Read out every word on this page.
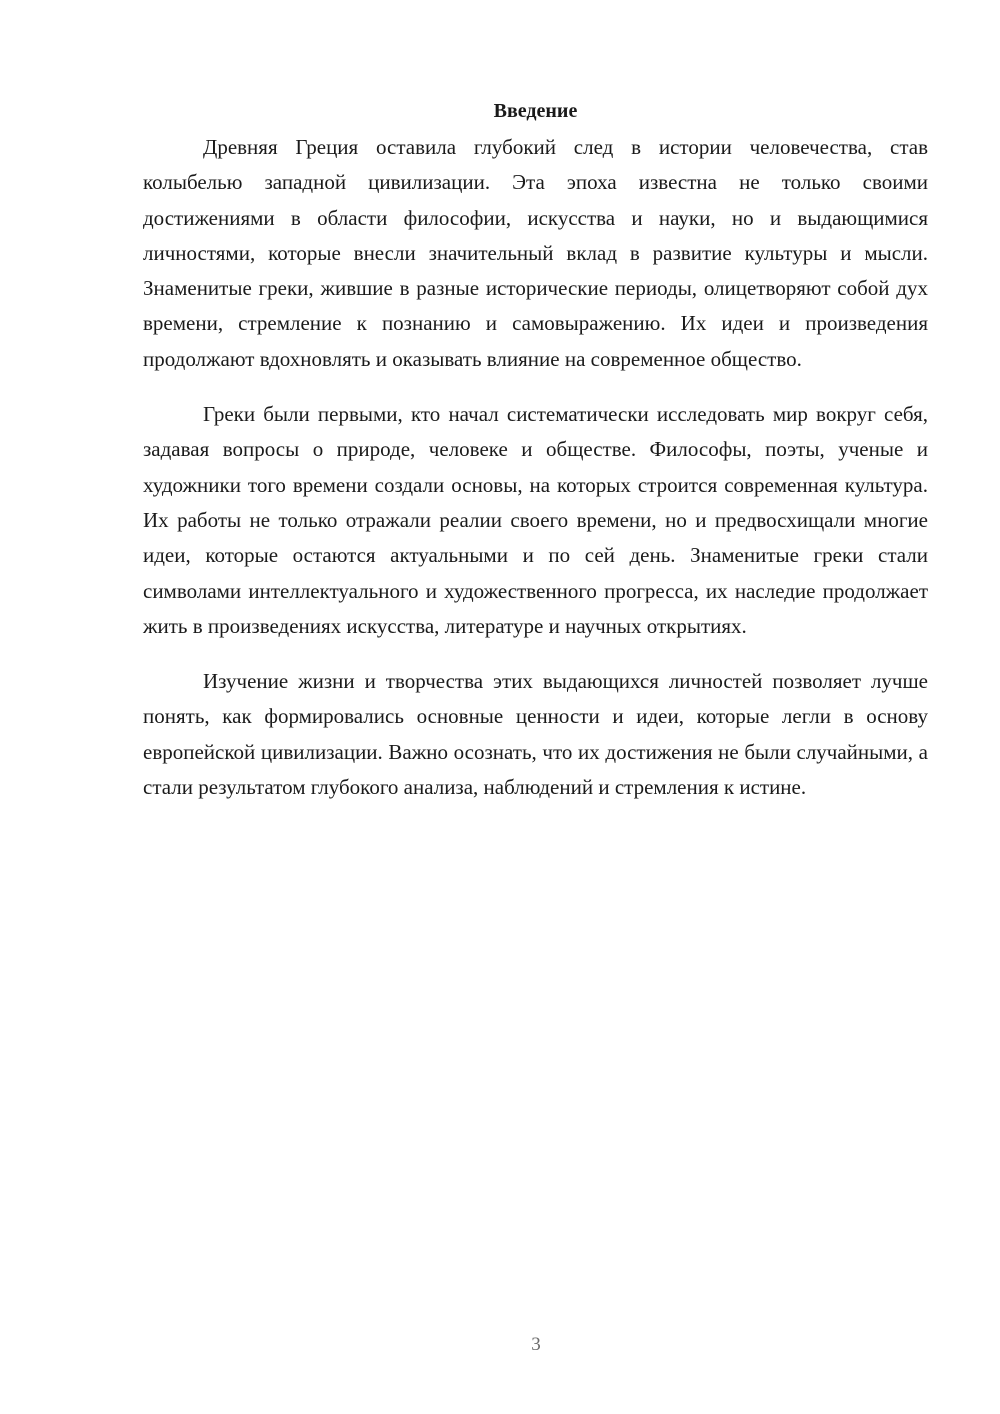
Введение

Древняя Греция оставила глубокий след в истории человечества, став колыбелью западной цивилизации. Эта эпоха известна не только своими достижениями в области философии, искусства и науки, но и выдающимися личностями, которые внесли значительный вклад в развитие культуры и мысли. Знаменитые греки, жившие в разные исторические периоды, олицетворяют собой дух времени, стремление к познанию и самовыражению. Их идеи и произведения продолжают вдохновлять и оказывать влияние на современное общество.

Греки были первыми, кто начал систематически исследовать мир вокруг себя, задавая вопросы о природе, человеке и обществе. Философы, поэты, ученые и художники того времени создали основы, на которых строится современная культура. Их работы не только отражали реалии своего времени, но и предвосхищали многие идеи, которые остаются актуальными и по сей день. Знаменитые греки стали символами интеллектуального и художественного прогресса, их наследие продолжает жить в произведениях искусства, литературе и научных открытиях.

Изучение жизни и творчества этих выдающихся личностей позволяет лучше понять, как формировались основные ценности и идеи, которые легли в основу европейской цивилизации. Важно осознать, что их достижения не были случайными, а стали результатом глубокого анализа, наблюдений и стремления к истине.

3
